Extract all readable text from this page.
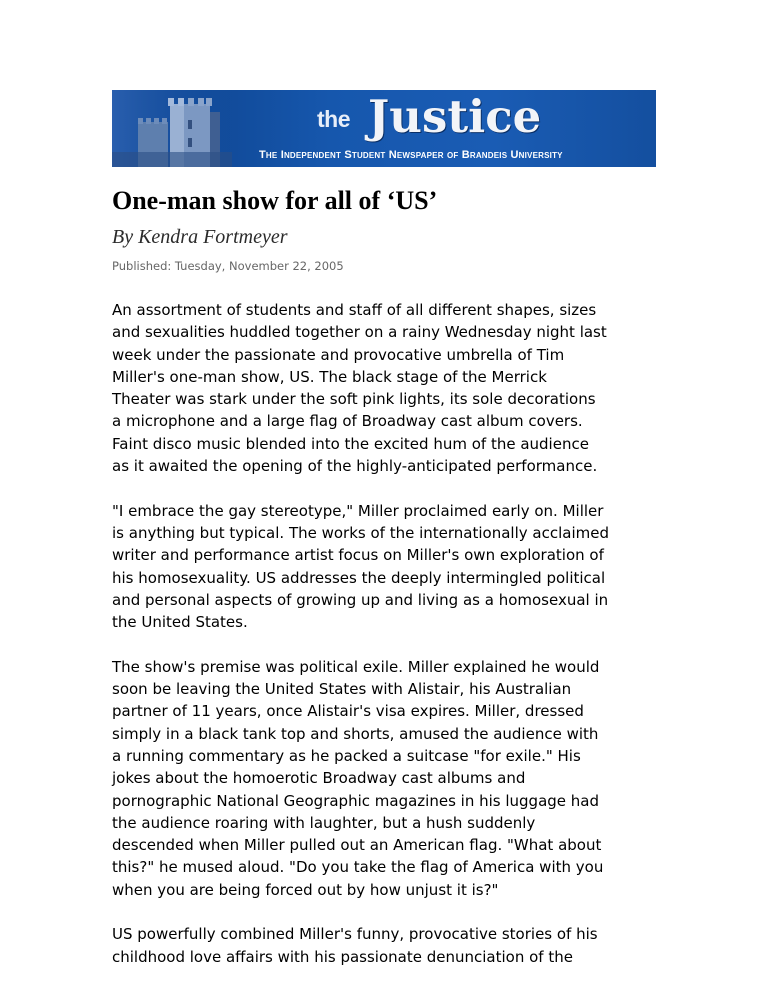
the Justice
The Independent Student Newspaper of Brandeis University
One-man show for all of ‘US’
By Kendra Fortmeyer
Published: Tuesday, November 22, 2005

An assortment of students and staff of all different shapes, sizes
and sexualities huddled together on a rainy Wednesday night last
week under the passionate and provocative umbrella of Tim
Miller's one-man show, US. The black stage of the Merrick
Theater was stark under the soft pink lights, its sole decorations
a microphone and a large flag of Broadway cast album covers.
Faint disco music blended into the excited hum of the audience
as it awaited the opening of the highly-anticipated performance.

"I embrace the gay stereotype," Miller proclaimed early on. Miller
is anything but typical. The works of the internationally acclaimed
writer and performance artist focus on Miller's own exploration of
his homosexuality. US addresses the deeply intermingled political
and personal aspects of growing up and living as a homosexual in
the United States.

The show's premise was political exile. Miller explained he would
soon be leaving the United States with Alistair, his Australian
partner of 11 years, once Alistair's visa expires. Miller, dressed
simply in a black tank top and shorts, amused the audience with
a running commentary as he packed a suitcase "for exile." His
jokes about the homoerotic Broadway cast albums and
pornographic National Geographic magazines in his luggage had
the audience roaring with laughter, but a hush suddenly
descended when Miller pulled out an American flag. "What about
this?" he mused aloud. "Do you take the flag of America with you
when you are being forced out by how unjust it is?"

US powerfully combined Miller's funny, provocative stories of his
childhood love affairs with his passionate denunciation of the
